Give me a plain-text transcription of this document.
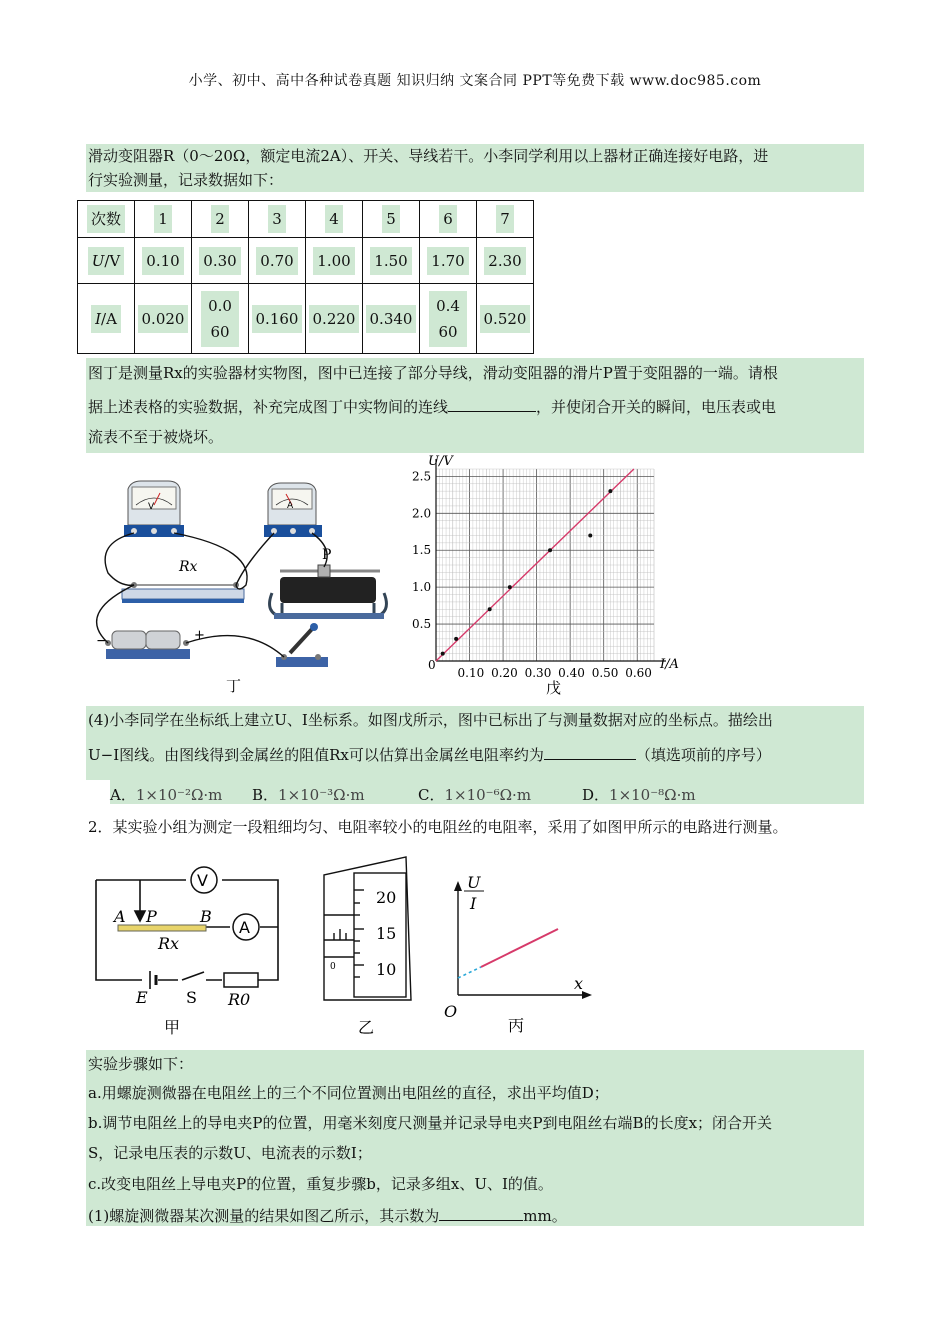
小学、初中、高中各种试卷真题 知识归纳 文案合同 PPT等免费下载 www.doc985.com
滑动变阻器R（0～20Ω，额定电流2A）、开关、导线若干。小李同学利用以上器材正确连接好电路，进
行实验测量，记录数据如下：
次数	1	2	3	4	5	6	7
U/V	0.10	0.30	0.70	1.00	1.50	1.70	2.30
I/A	0.020	0.060	0.160	0.220	0.340	0.460	0.520
图丁是测量Rx的实验器材实物图，图中已连接了部分导线，滑动变阻器的滑片P置于变阻器的一端。请根
据上述表格的实验数据，补充完成图丁中实物间的连线	，并使闭合开关的瞬间，电压表或电
流表不至于被烧坏。
V	A
Rx
P
−	+
丁
0.10 0.20 0.30 0.40 0.50 0.60
0.5
1.0
1.5
2.0
2.5
U/V
I/A
0
戊
(4)小李同学在坐标纸上建立U、I坐标系。如图戊所示，图中已标出了与测量数据对应的坐标点。描绘出
U−I图线。由图线得到金属丝的阻值Rx可以估算出金属丝电阻率约为	（填选项前的序号）
A．1×10⁻²Ω·m B．1×10⁻³Ω·m	C．1×10⁻⁶Ω·m	D．1×10⁻⁸Ω·m
2．某实验小组为测定一段粗细均匀、电阻率较小的电阻丝的电阻率，采用了如图甲所示的电路进行测量。
V
A
A P	B
Rx
E S R0
甲
20
15
10
0
乙
U
I
x
O
丙
实验步骤如下：
a.用螺旋测微器在电阻丝上的三个不同位置测出电阻丝的直径，求出平均值D；
b.调节电阻丝上的导电夹P的位置，用毫米刻度尺测量并记录导电夹P到电阻丝右端B的长度x；闭合开关
S，记录电压表的示数U、电流表的示数I；
c.改变电阻丝上导电夹P的位置，重复步骤b，记录多组x、U、I的值。
(1)螺旋测微器某次测量的结果如图乙所示，其示数为	mm。
